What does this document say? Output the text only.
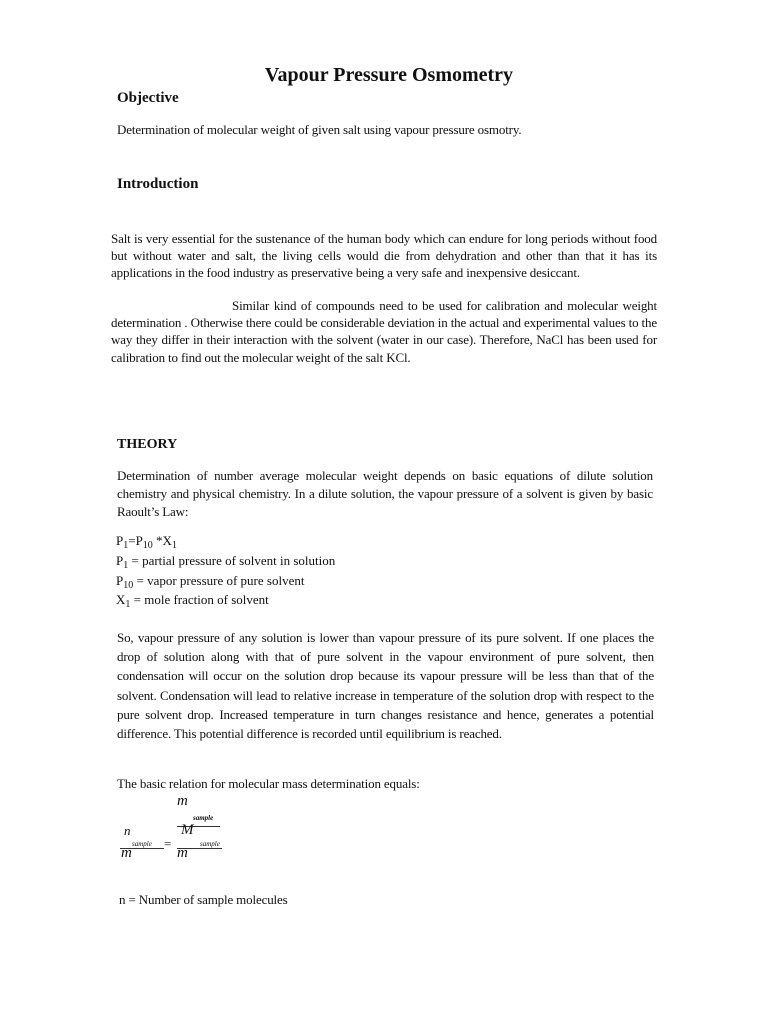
Vapour Pressure Osmometry
Objective
Determination of molecular weight of given salt using vapour pressure osmotry.
Introduction
Salt is very essential for the sustenance of the human body which can endure for long periods without food but without water and salt, the living cells would die from dehydration and other than that it has its applications in the food industry as preservative being a very safe and inexpensive desiccant.
Similar kind of compounds need to be used for calibration and molecular weight determination . Otherwise there could be considerable deviation in the actual and experimental values to the way they differ in their interaction with the solvent (water in our case). Therefore, NaCl has been used for calibration to find out the molecular weight of the salt KCl.
THEORY
Determination of number average molecular weight depends on basic equations of dilute solution chemistry and physical chemistry. In a dilute solution, the vapour pressure of a solvent is given by basic Raoult’s Law:
$P_1=P_{10}$ $*X_1$
$P_1$ = partial pressure of solvent in solution
$P_{10}$ = vapor pressure of pure solvent
$X_1$ = mole fraction of solvent
So, vapour pressure of any solution is lower than vapour pressure of its pure solvent. If one places the drop of solution along with that of pure solvent in the vapour environment of pure solvent, then condensation will occur on the solution drop because its vapour pressure will be less than that of the solvent. Condensation will lead to relative increase in temperature of the solution drop with respect to the pure solvent drop. Increased temperature in turn changes resistance and hence, generates a potential difference. This potential difference is recorded until equilibrium is reached.
The basic relation for molecular mass determination equals:
m
sample
M
n
sample =	sample
m	m
n = Number of sample molecules
